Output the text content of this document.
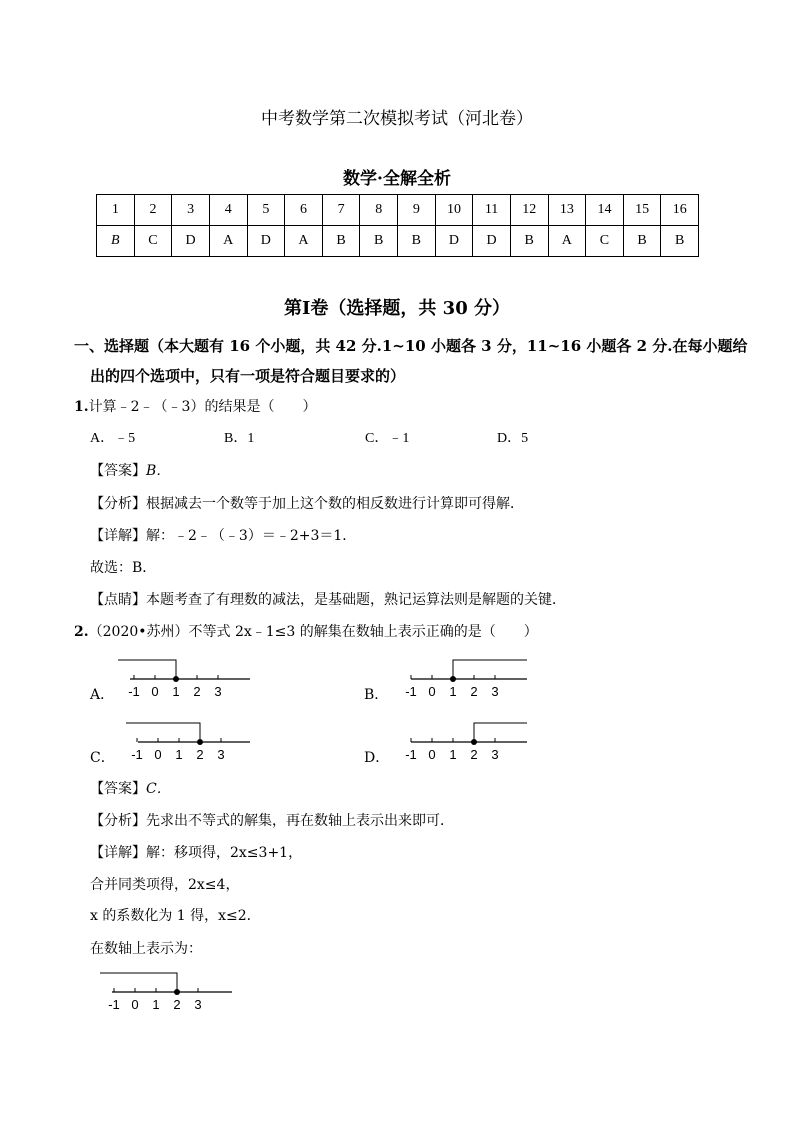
中考数学第二次模拟考试（河北卷）
数学·全解全析
1	2	3	4	5	6	7	8	9	10	11	12	13	14	15	16
B	C	D	A	D	A	B	B	B	D	D	B	A	C	B	B
第Ⅰ卷（选择题，共 30 分）
一、选择题（本大题有 16 个小题，共 42 分.1~10 小题各 3 分，11~16 小题各 2 分.在每小题给
出的四个选项中，只有一项是符合题目要求的）
1.计算﹣2﹣（﹣3）的结果是（　　）
A．﹣5	B．1	C．﹣1	D．5
【答案】B．
【分析】根据减去一个数等于加上这个数的相反数进行计算即可得解．
【详解】解：﹣2﹣（﹣3）＝﹣2+3＝1．
故选：B．
【点睛】本题考查了有理数的减法，是基础题，熟记运算法则是解题的关键．
2.（2020•苏州）不等式 2x﹣1≤3 的解集在数轴上表示正确的是（　　）
A． -1 0 1 2 3	B． -1 0 1 2 3
C． -1 0 1 2 3	D． -1 0 1 2 3
【答案】C．
【分析】先求出不等式的解集，再在数轴上表示出来即可．
【详解】解：移项得，2x≤3+1，
合并同类项得，2x≤4，
x 的系数化为 1 得，x≤2．
在数轴上表示为：
-1 0 1 2 3
